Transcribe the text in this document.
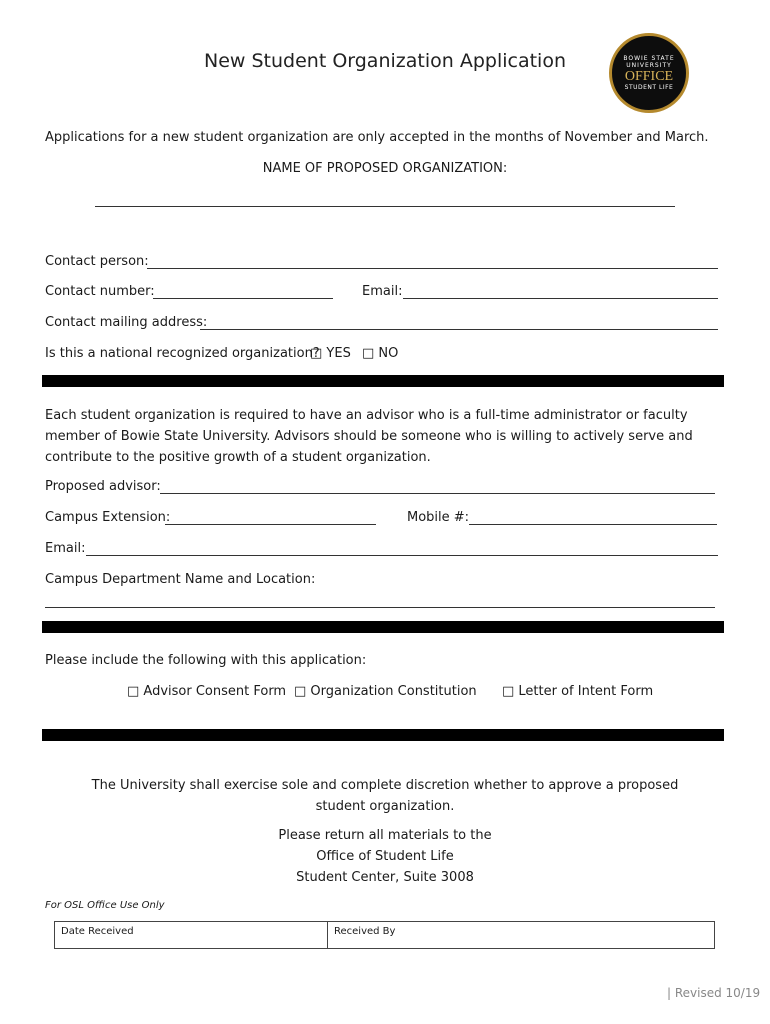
New Student Organization Application	BOWIE STATE
UNIVERSITY
OFFICE
STUDENT LIFE
Applications for a new student organization are only accepted in the months of November and March.
NAME OF PROPOSED ORGANIZATION:
Contact person:
Contact number:	Email:
Contact mailing address:
Is this a national recognized organization?
□ YES □ NO
Each student organization is required to have an advisor who is a full-time administrator or faculty member of Bowie State University. Advisors should be someone who is willing to actively serve and contribute to the positive growth of a student organization.
Proposed advisor:
Campus Extension:	Mobile #:
Email:
Campus Department Name and Location:
Please include the following with this application:
□ Advisor Consent Form □ Organization Constitution □ Letter of Intent Form
The University shall exercise sole and complete discretion whether to approve a proposed student organization.
Please return all materials to the
Office of Student Life
Student Center, Suite 3008
For OSL Office Use Only
Date Received	Received By
| Revised 10/19
